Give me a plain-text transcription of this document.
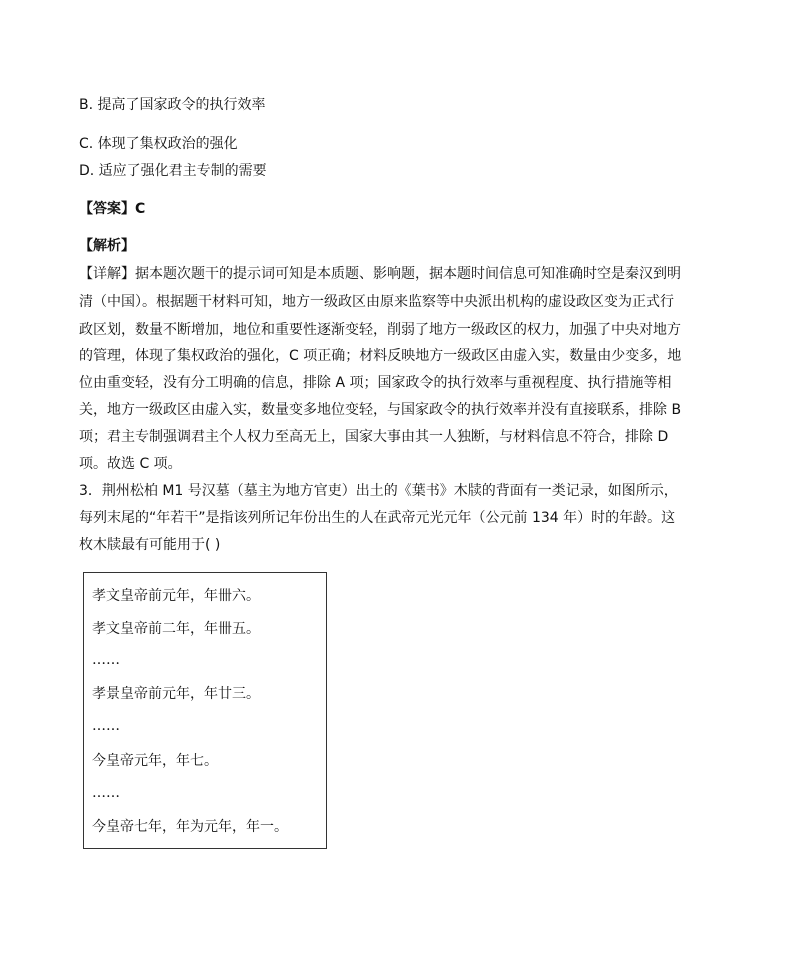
B. 提高了国家政令的执行效率
C. 体现了集权政治的强化
D. 适应了强化君主专制的需要
【答案】C
【解析】
【详解】据本题次题干的提示词可知是本质题、影响题，据本题时间信息可知准确时空是秦汉到明
清（中国）。根据题干材料可知，地方一级政区由原来监察等中央派出机构的虚设政区变为正式行
政区划，数量不断增加，地位和重要性逐渐变轻，削弱了地方一级政区的权力，加强了中央对地方
的管理，体现了集权政治的强化，C 项正确；材料反映地方一级政区由虚入实，数量由少变多，地
位由重变轻，没有分工明确的信息，排除 A 项；国家政令的执行效率与重视程度、执行措施等相
关，地方一级政区由虚入实，数量变多地位变轻，与国家政令的执行效率并没有直接联系，排除 B
项；君主专制强调君主个人权力至高无上，国家大事由其一人独断，与材料信息不符合，排除 D
项。故选 C 项。
3．荆州松柏 M1 号汉墓（墓主为地方官吏）出土的《葉书》木牍的背面有一类记录，如图所示，
每列末尾的“年若干”是指该列所记年份出生的人在武帝元光元年（公元前 134 年）时的年龄。这
枚木牍最有可能用于( )
孝文皇帝前元年，年卌六。
孝文皇帝前二年，年卌五。
……
孝景皇帝前元年，年廿三。
……
今皇帝元年，年七。
……
今皇帝七年，年为元年，年一。
